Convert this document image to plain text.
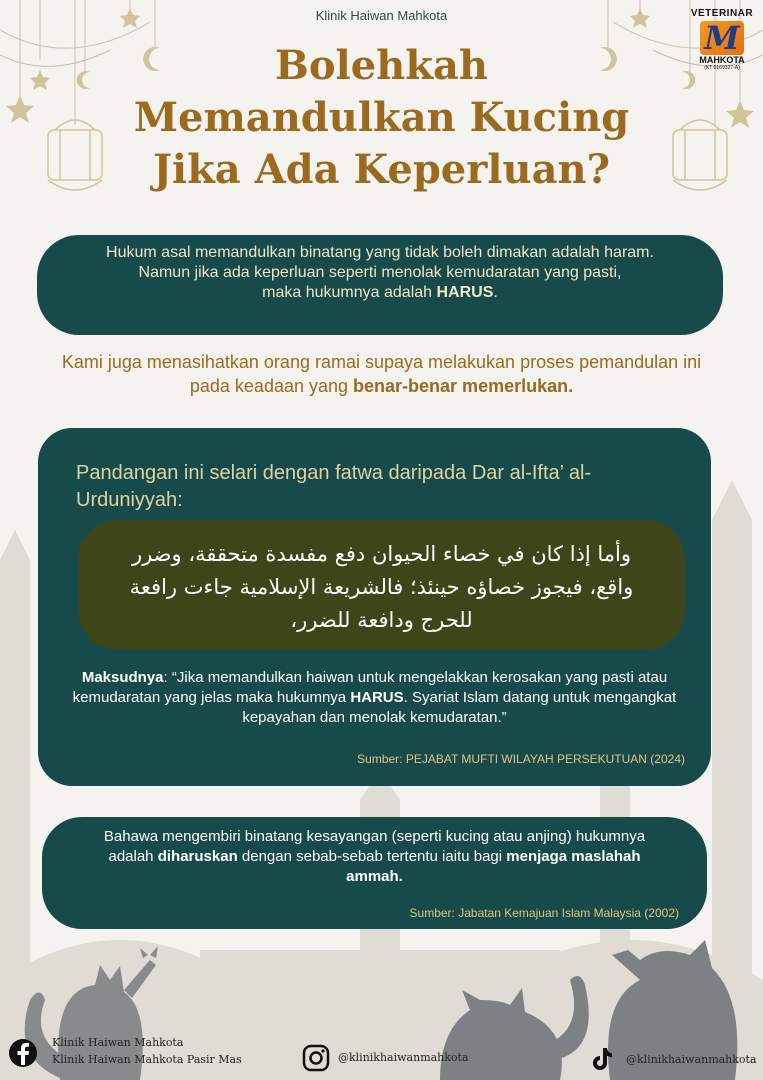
Klinik Haiwan Mahkota	VETERINAR
M
MAHKOTA
(KT 0169327-A)
Bolehkah
Memandulkan Kucing
Jika Ada Keperluan?
Hukum asal memandulkan binatang yang tidak boleh dimakan adalah haram.
Namun jika ada keperluan seperti menolak kemudaratan yang pasti,
maka hukumnya adalah HARUS.
Kami juga menasihatkan orang ramai supaya melakukan proses pemandulan ini pada keadaan yang benar-benar memerlukan.
Pandangan ini selari dengan fatwa daripada Dar al-Ifta’ al-Urduniyyah:
وأما إذا كان في خصاء الحيوان دفع مفسدة متحققة، وضرر واقع، فيجوز خصاؤه حينئذ؛ فالشريعة الإسلامية جاءت رافعة للحرج ودافعة للضرر،
Maksudnya: “Jika memandulkan haiwan untuk mengelakkan kerosakan yang pasti atau kemudaratan yang jelas maka hukumnya HARUS. Syariat Islam datang untuk mengangkat kepayahan dan menolak kemudaratan.”
Sumber: PEJABAT MUFTI WILAYAH PERSEKUTUAN (2024)
Bahawa mengembiri binatang kesayangan (seperti kucing atau anjing) hukumnya adalah diharuskan dengan sebab-sebab tertentu iaitu bagi menjaga maslahah ammah.
Sumber: Jabatan Kemajuan Islam Malaysia (2002)
Klinik Haiwan Mahkota
Klinik Haiwan Mahkota Pasir Mas	@klinikhaiwanmahkota	@klinikhaiwanmahkota
